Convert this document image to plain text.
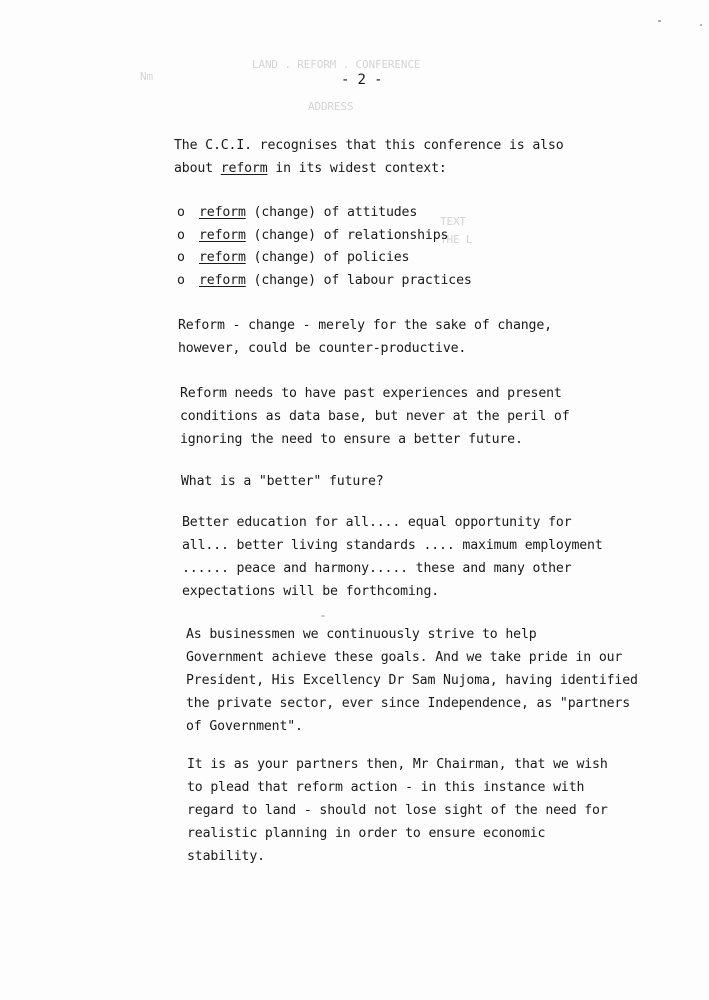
LAND . REFORM . CONFERENCE
Nm
ADDRESS
TEXT
THE L
- 2 -

The C.C.I. recognises that this conference is also
about reform in its widest context:

o reform (change) of attitudes
o reform (change) of relationships
o reform (change) of policies
o reform (change) of labour practices

Reform - change - merely for the sake of change,
however, could be counter-productive.

Reform needs to have past experiences and present
conditions as data base, but never at the peril of
ignoring the need to ensure a better future.

What is a "better" future?

Better education for all.... equal opportunity for
all... better living standards .... maximum employment
...... peace and harmony..... these and many other
expectations will be forthcoming.

As businessmen we continuously strive to help
Government achieve these goals. And we take pride in our
President, His Excellency Dr Sam Nujoma, having identified
the private sector, ever since Independence, as "partners
of Government".

It is as your partners then, Mr Chairman, that we wish
to plead that reform action - in this instance with
regard to land - should not lose sight of the need for
realistic planning in order to ensure economic
stability.
